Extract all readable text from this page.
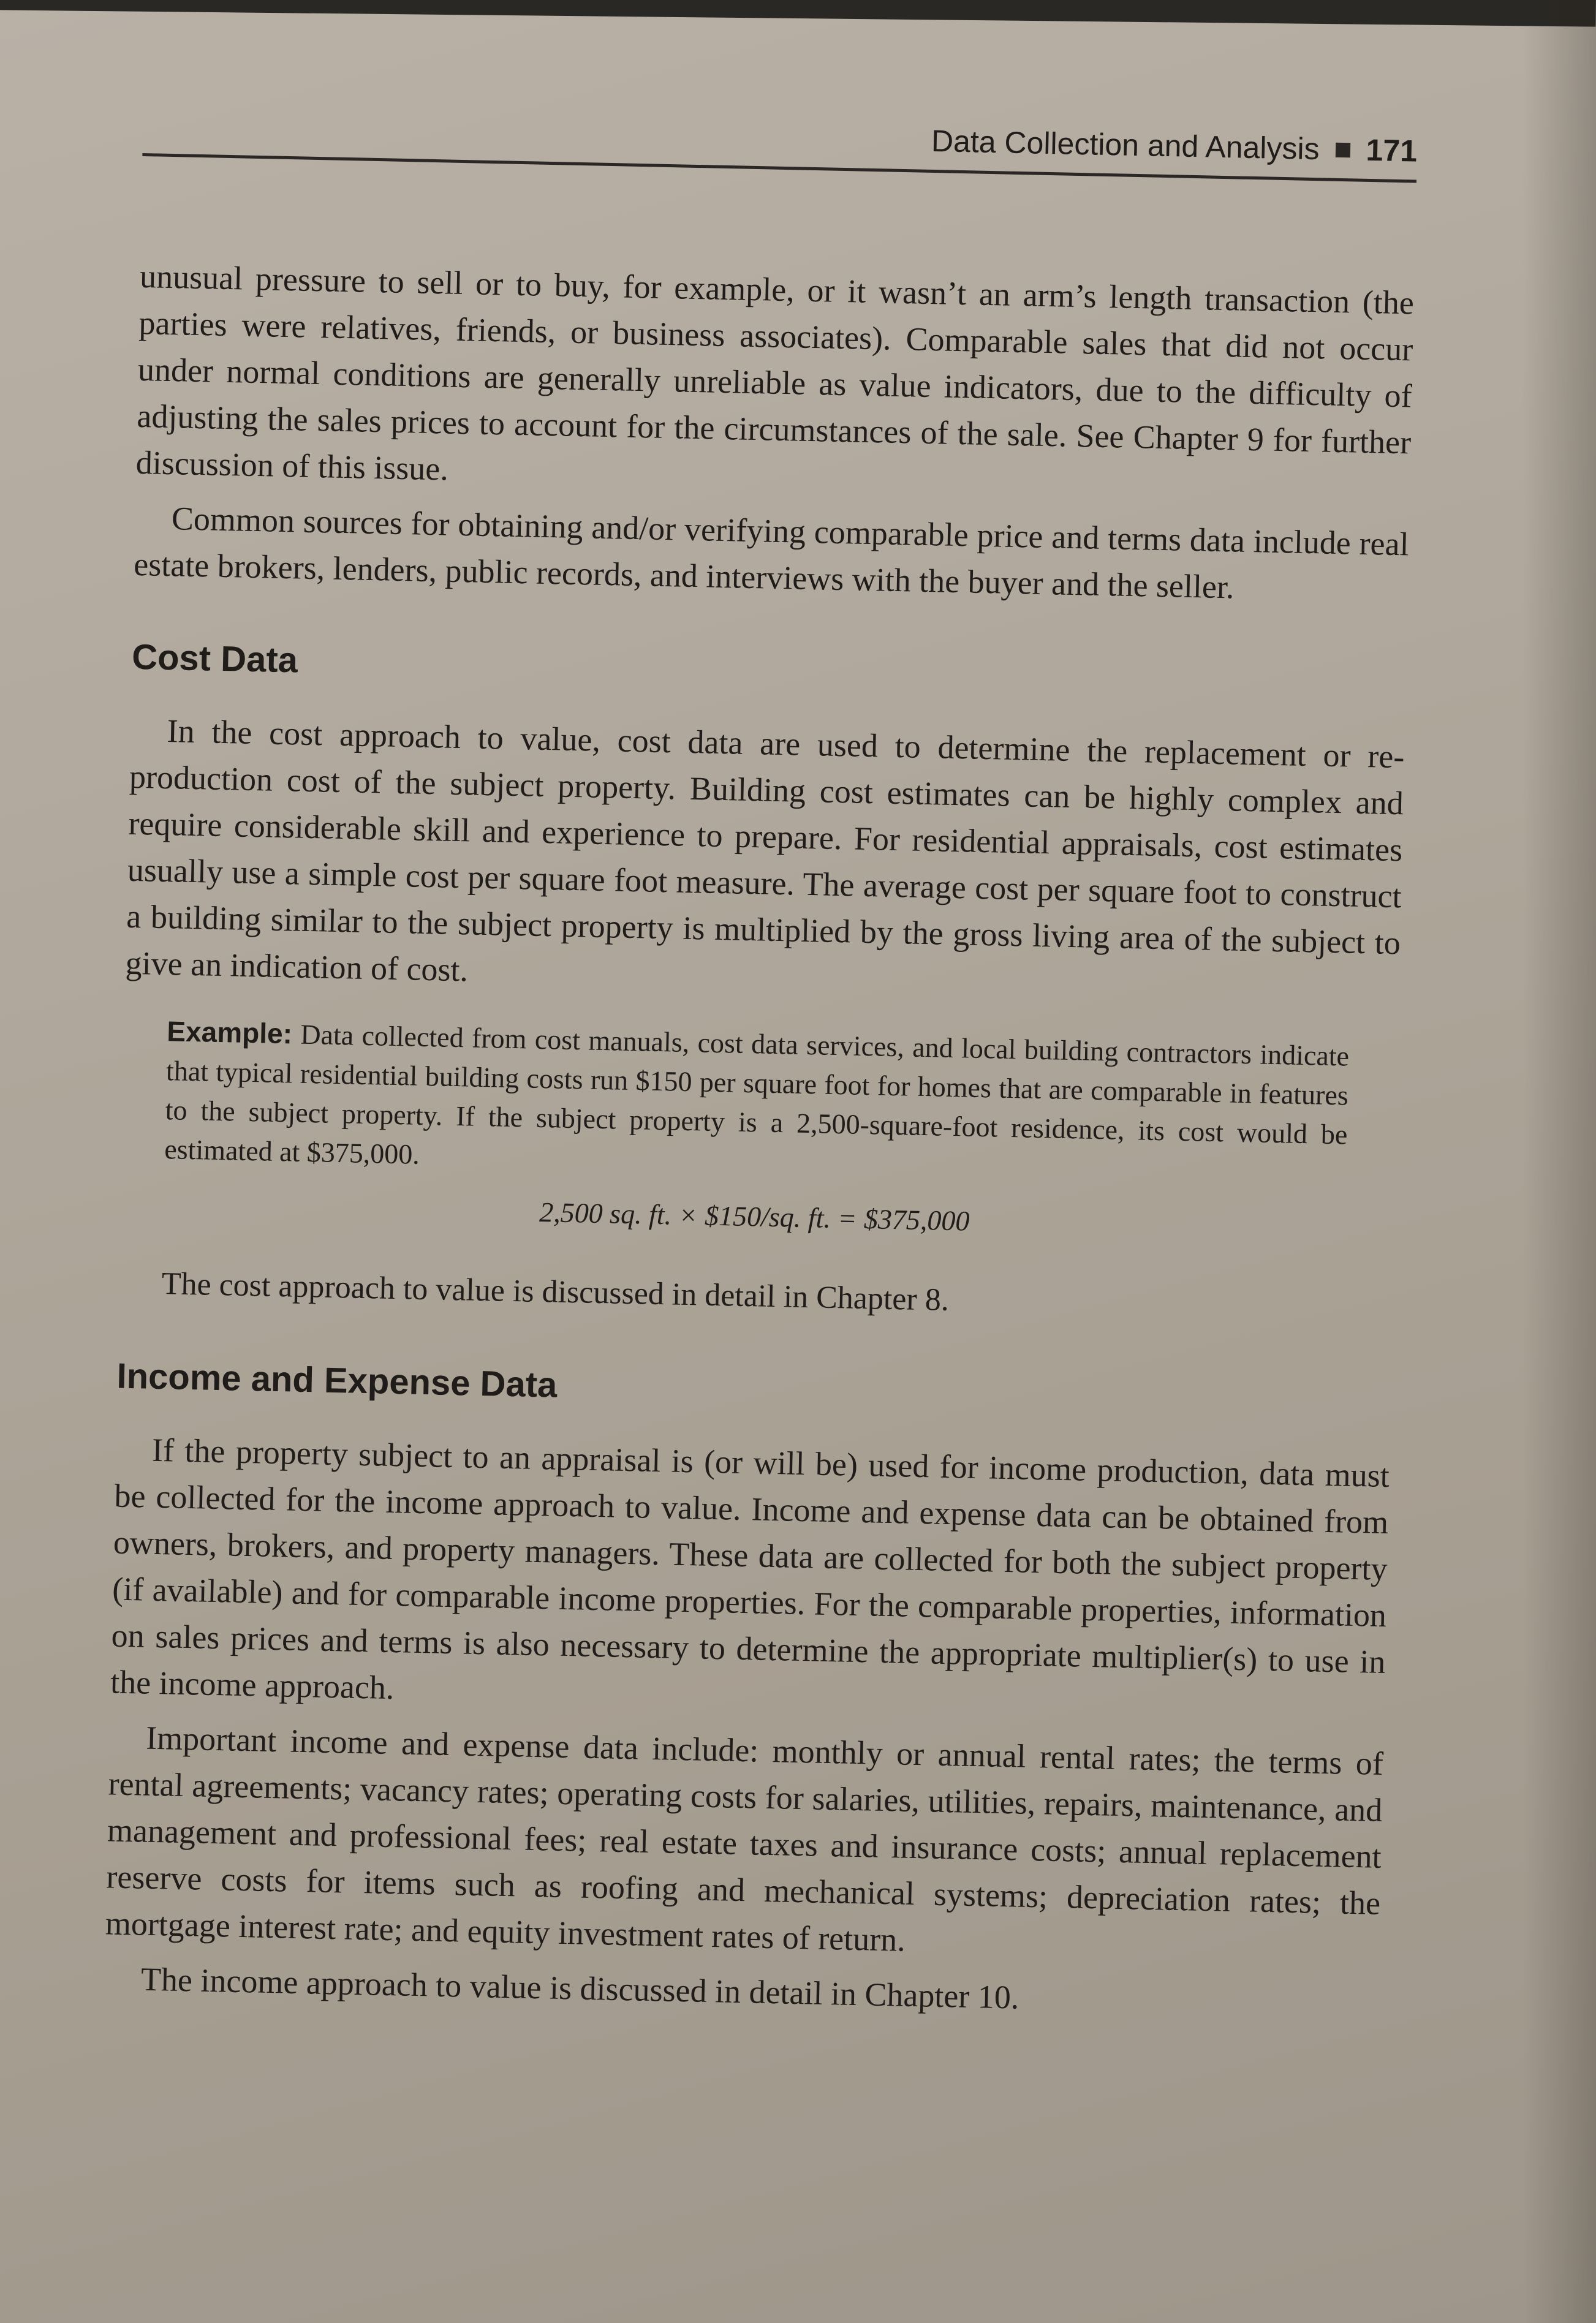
Data Collection and Analysis 171

unusual pressure to sell or to buy, for example, or it wasn’t an arm’s length transaction (the parties were relatives, friends, or business associates). Comparable sales that did not occur under normal conditions are generally unreliable as value indicators, due to the difficulty of adjusting the sales prices to account for the circumstances of the sale. See Chapter 9 for further discussion of this issue.

Common sources for obtaining and/or verifying comparable price and terms data include real estate brokers, lenders, public records, and interviews with the buyer and the seller.

Cost Data

In the cost approach to value, cost data are used to determine the replacement or re-production cost of the subject property. Building cost estimates can be highly complex and require considerable skill and experience to prepare. For residential appraisals, cost estimates usually use a simple cost per square foot measure. The average cost per square foot to construct a building similar to the subject property is multiplied by the gross living area of the subject to give an indication of cost.

Example: Data collected from cost manuals, cost data services, and local building contractors indicate that typical residential building costs run $150 per square foot for homes that are comparable in features to the subject property. If the subject property is a 2,500-square-foot residence, its cost would be estimated at $375,000.
2,500 sq. ft. × $150/sq. ft. = $375,000

The cost approach to value is discussed in detail in Chapter 8.

Income and Expense Data

If the property subject to an appraisal is (or will be) used for income production, data must be collected for the income approach to value. Income and expense data can be obtained from owners, brokers, and property managers. These data are collected for both the subject property (if available) and for comparable income properties. For the comparable properties, information on sales prices and terms is also necessary to determine the appropriate multiplier(s) to use in the income approach.

Important income and expense data include: monthly or annual rental rates; the terms of rental agreements; vacancy rates; operating costs for salaries, utilities, repairs, maintenance, and management and professional fees; real estate taxes and insurance costs; annual replacement reserve costs for items such as roofing and mechanical systems; depreciation rates; the mortgage interest rate; and equity investment rates of return.

The income approach to value is discussed in detail in Chapter 10.
